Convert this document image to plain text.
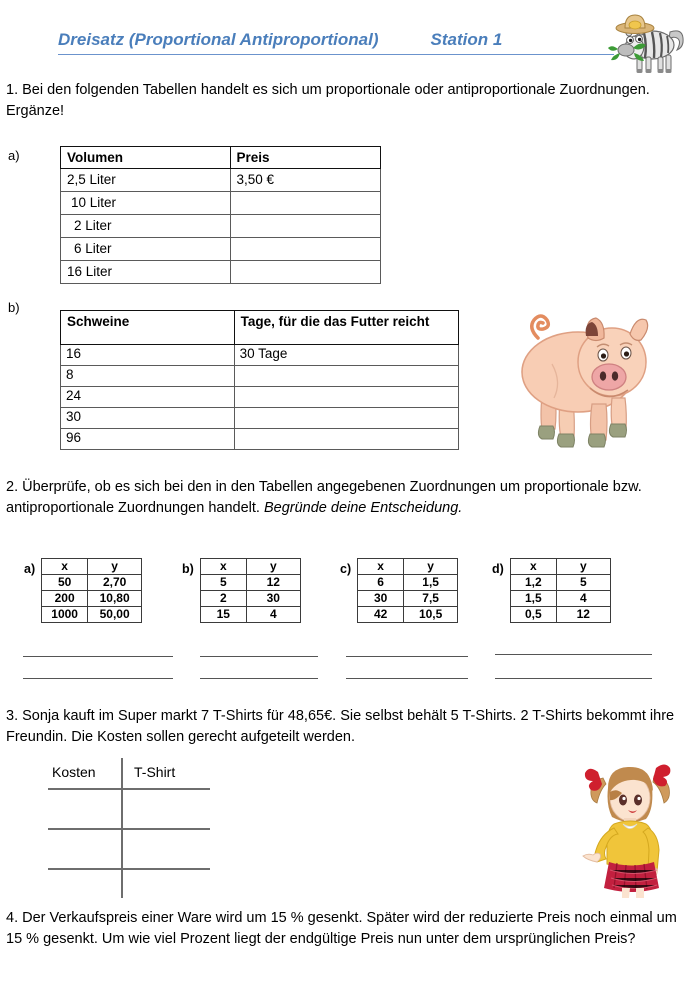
Dreisatz (Proportional Antiproportional)	Station 1
1. Bei den folgenden Tabellen handelt es sich um proportionale oder antiproportionale Zuordnungen. Ergänze!
a)	Volumen	Preis
2,5 Liter	3,50 €
10 Liter	
2 Liter	
6 Liter	
16 Liter	
b)
Schweine	Tage, für die das Futter reicht
16	30 Tage
8	
24	
30	
96	
2. Überprüfe, ob es sich bei den in den Tabellen angegebenen Zuordnungen um proportionale bzw. antiproportionale Zuordnungen handelt. Begründe deine Entscheidung.
a) x	y
50	2,70
200	10,80
1000	50,00
b) x	y
5	12
2	30
15	4
c) x	y
6	1,5
30	7,5
42	10,5
d) x	y
1,2	5
1,5	4
0,5	12
3. Sonja kauft im Super markt 7 T-Shirts für 48,65€. Sie selbst behält 5 T-Shirts. 2 T-Shirts bekommt ihre Freundin. Die Kosten sollen gerecht aufgeteilt werden.
Kosten	T-Shirt
4. Der Verkaufspreis einer Ware wird um 15 % gesenkt. Später wird der reduzierte Preis noch einmal um 15 % gesenkt. Um wie viel Prozent liegt der endgültige Preis nun unter dem ursprünglichen Preis?
